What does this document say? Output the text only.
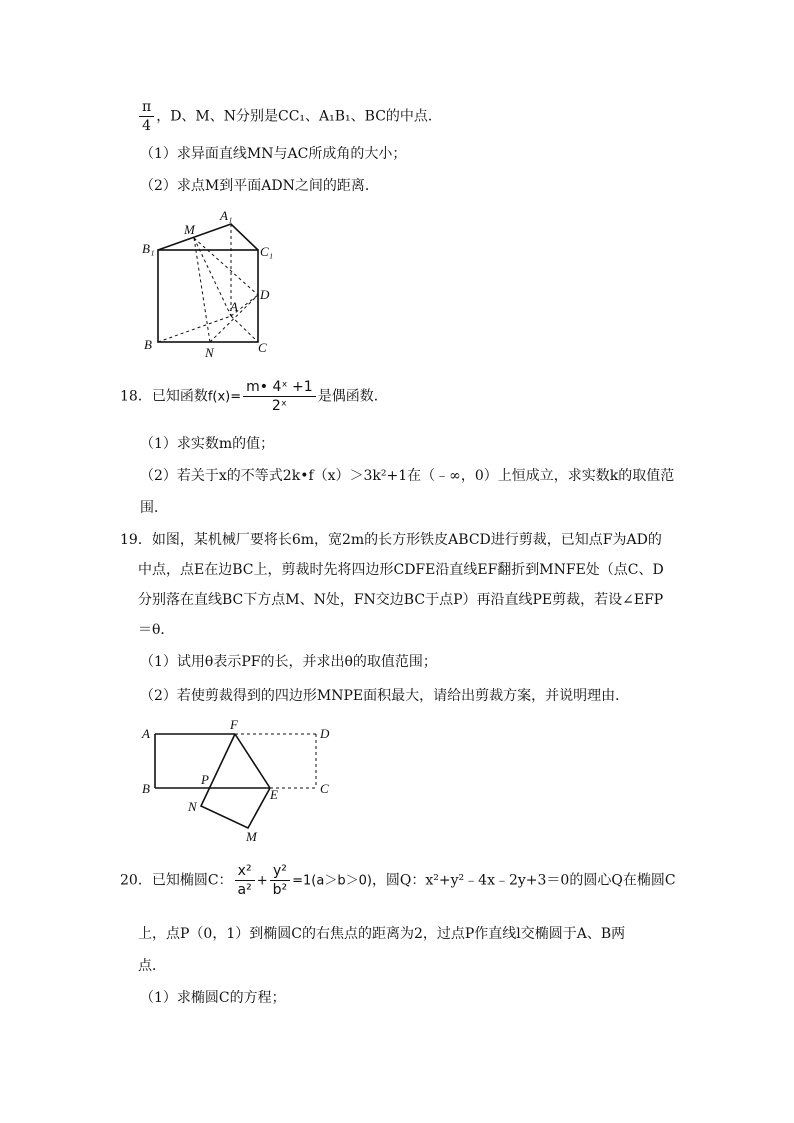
$\frac{\pi}{4}$ ，D、M、N分别是CC₁、A₁B₁、BC的中点．
（1）求异面直线MN与AC所成角的大小；
（2）求点M到平面ADN之间的距离．
A₁
B₁	C₁
M
D
A
B
N	C
18．已知函数$f(x)= \frac{\text{m• 4ˣ +1}}{\text{2ˣ}}$ 是偶函数．
（1）求实数m的值；
（2）若关于x的不等式2k•f（x）＞3k²+1在（﹣∞，0）上恒成立，求实数k的取值范
围．
19．如图，某机械厂要将长6m，宽2m的长方形铁皮ABCD进行剪裁，已知点F为AD的
中点，点E在边BC上，剪裁时先将四边形CDFE沿直线EF翻折到MNFE处（点C、D
分别落在直线BC下方点M、N处，FN交边BC于点P）再沿直线PE剪裁，若设∠EFP
＝θ．
（1）试用θ表示PF的长，并求出θ的取值范围；
（2）若使剪裁得到的四边形MNPE面积最大，请给出剪裁方案，并说明理由．
A
F
D
B
P
E	C
N
M
20．已知椭圆C： $\frac{\text{x²}}{\text{a²}} + \frac{\text{y²}}{\text{b²}} =1(a>b>0)$，圆Q：x²+y²﹣4x﹣2y+3＝0的圆心Q在椭圆C
上，点P（0，1）到椭圆C的右焦点的距离为2，过点P作直线l交椭圆于A、B两
点．
（1）求椭圆C的方程；
